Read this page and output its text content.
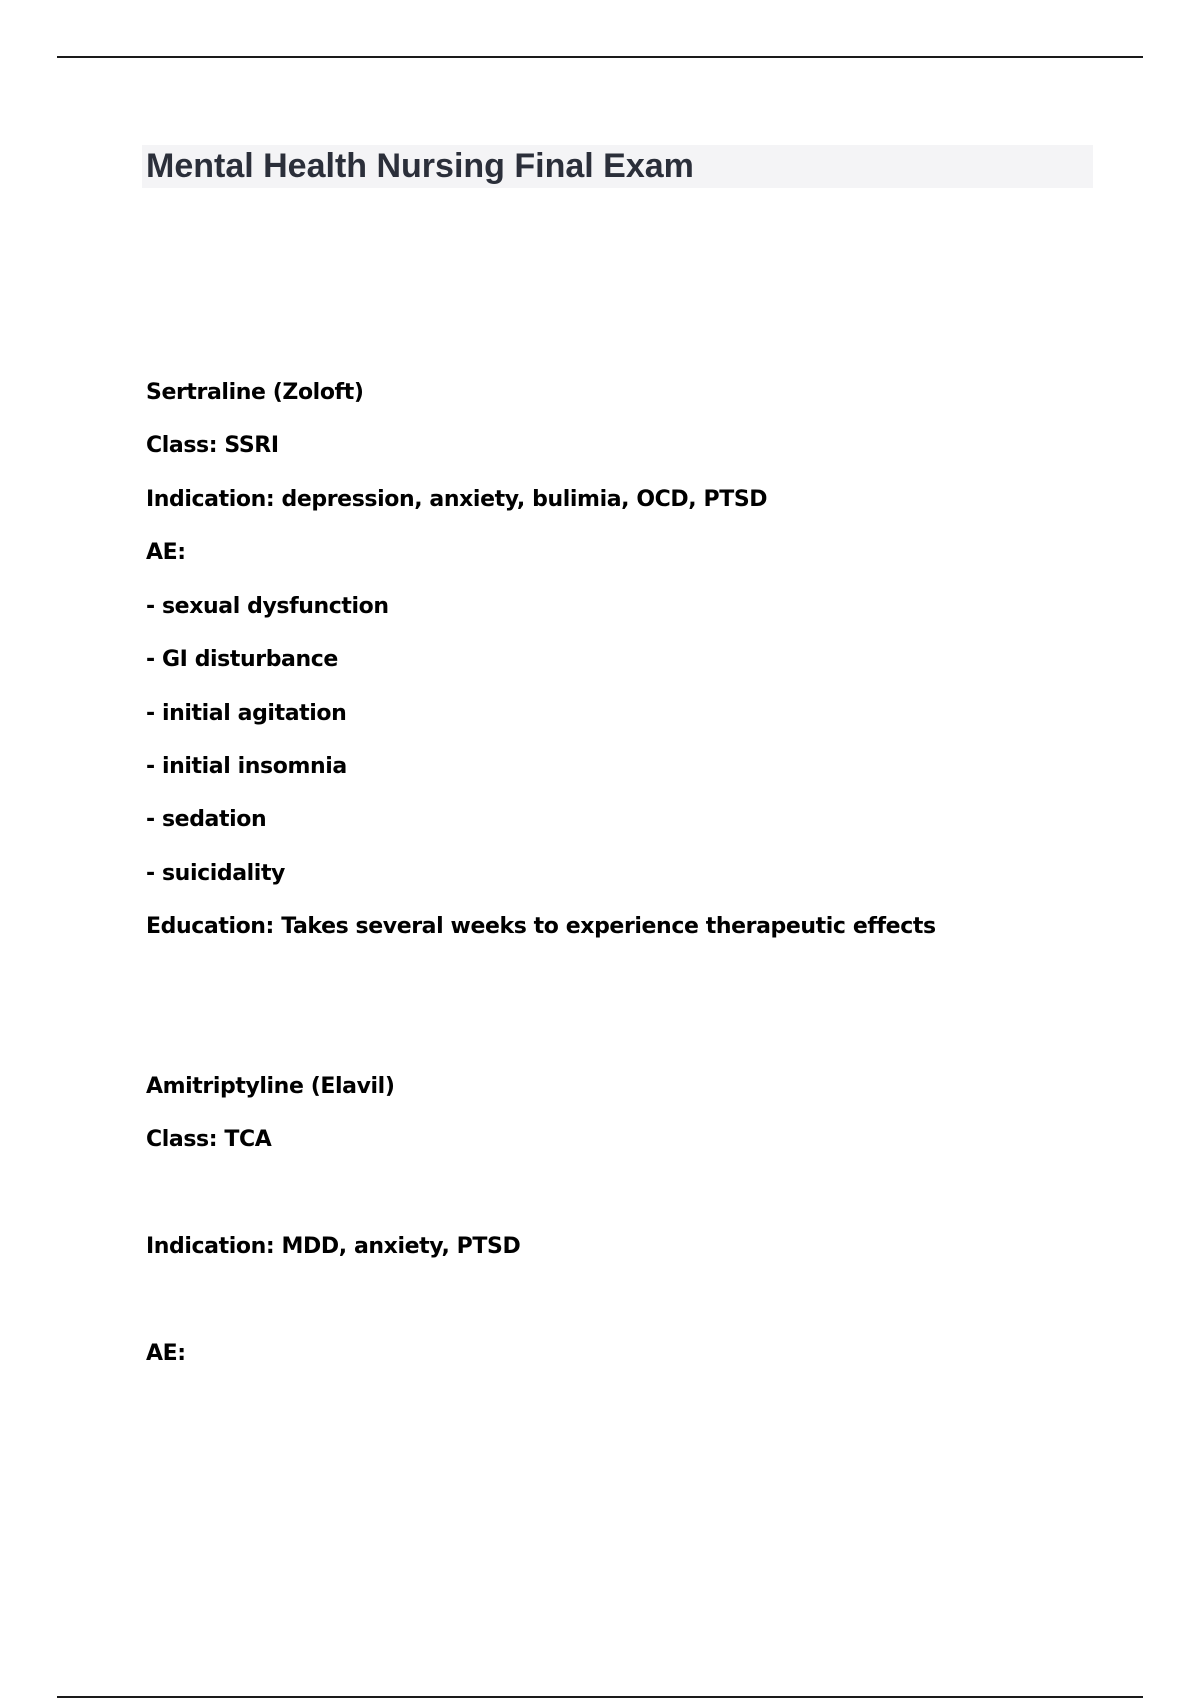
Mental Health Nursing Final Exam
Sertraline (Zoloft)
Class: SSRI
Indication: depression, anxiety, bulimia, OCD, PTSD
AE:
- sexual dysfunction
- GI disturbance
- initial agitation
- initial insomnia
- sedation
- suicidality
Education: Takes several weeks to experience therapeutic effects
Amitriptyline (Elavil)
Class: TCA
Indication: MDD, anxiety, PTSD
AE:
